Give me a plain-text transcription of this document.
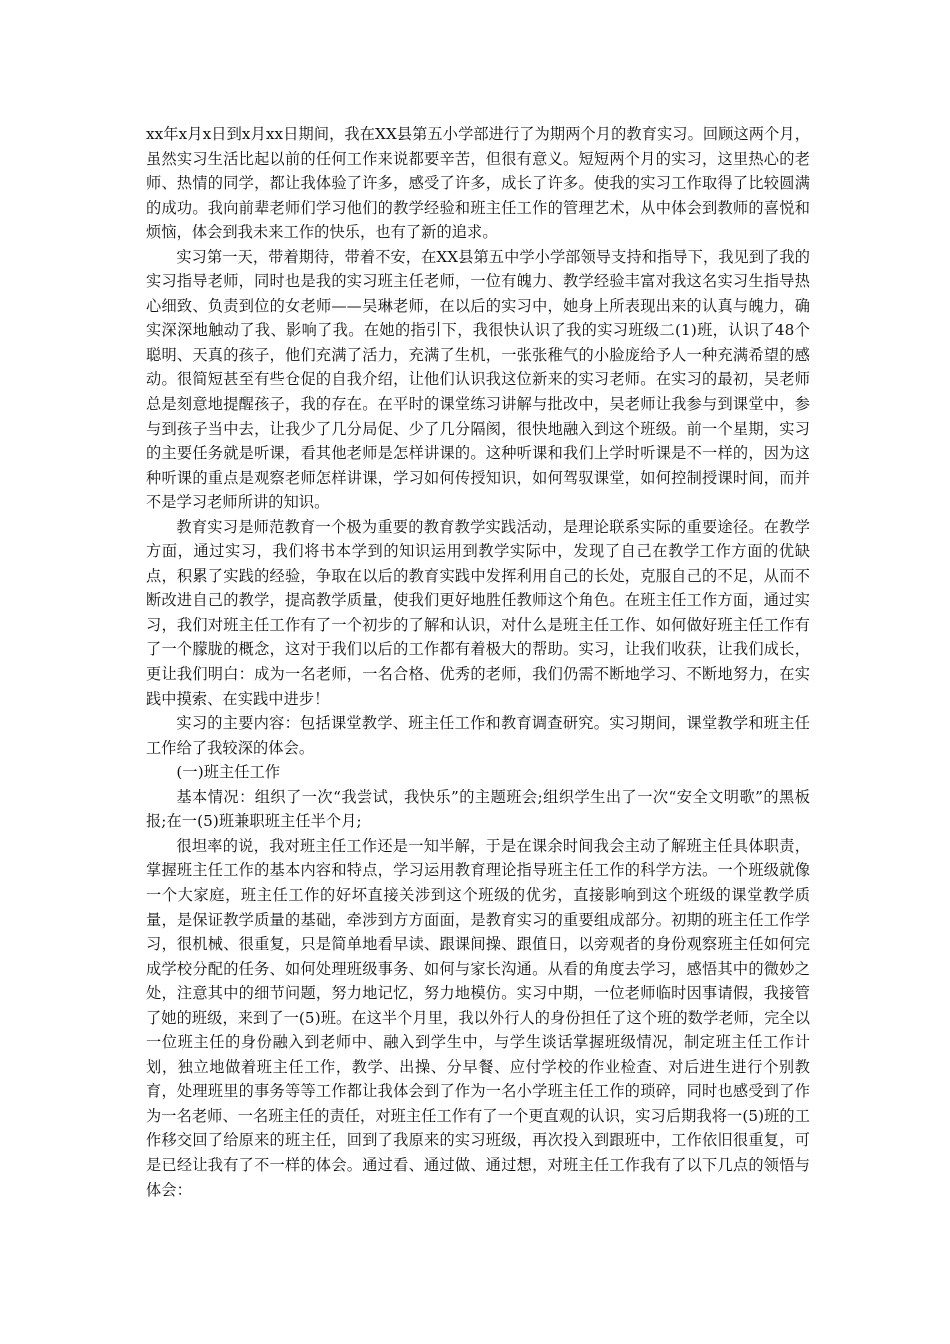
xx年x月x日到x月xx日期间，我在XX县第五小学部进行了为期两个月的教育实习。回顾这两个月，虽然实习生活比起以前的任何工作来说都要辛苦，但很有意义。短短两个月的实习，这里热心的老师、热情的同学，都让我体验了许多，感受了许多，成长了许多。使我的实习工作取得了比较圆满的成功。我向前辈老师们学习他们的教学经验和班主任工作的管理艺术，从中体会到教师的喜悦和烦恼，体会到我未来工作的快乐，也有了新的追求。

实习第一天，带着期待，带着不安，在XX县第五中学小学部领导支持和指导下，我见到了我的实习指导老师，同时也是我的实习班主任老师，一位有魄力、教学经验丰富对我这名实习生指导热心细致、负责到位的女老师——吴琳老师，在以后的实习中，她身上所表现出来的认真与魄力，确实深深地触动了我、影响了我。在她的指引下，我很快认识了我的实习班级二(1)班，认识了48个聪明、天真的孩子，他们充满了活力，充满了生机，一张张稚气的小脸庞给予人一种充满希望的感动。很简短甚至有些仓促的自我介绍，让他们认识我这位新来的实习老师。在实习的最初，吴老师总是刻意地提醒孩子，我的存在。在平时的课堂练习讲解与批改中，吴老师让我参与到课堂中，参与到孩子当中去，让我少了几分局促、少了几分隔阂，很快地融入到这个班级。前一个星期，实习的主要任务就是听课，看其他老师是怎样讲课的。这种听课和我们上学时听课是不一样的，因为这种听课的重点是观察老师怎样讲课，学习如何传授知识，如何驾驭课堂，如何控制授课时间，而并不是学习老师所讲的知识。

教育实习是师范教育一个极为重要的教育教学实践活动，是理论联系实际的重要途径。在教学方面，通过实习，我们将书本学到的知识运用到教学实际中，发现了自己在教学工作方面的优缺点，积累了实践的经验，争取在以后的教育实践中发挥利用自己的长处，克服自己的不足，从而不断改进自己的教学，提高教学质量，使我们更好地胜任教师这个角色。在班主任工作方面，通过实习，我们对班主任工作有了一个初步的了解和认识，对什么是班主任工作、如何做好班主任工作有了一个朦胧的概念，这对于我们以后的工作都有着极大的帮助。实习，让我们收获，让我们成长，更让我们明白：成为一名老师，一名合格、优秀的老师，我们仍需不断地学习、不断地努力，在实践中摸索、在实践中进步！

实习的主要内容：包括课堂教学、班主任工作和教育调查研究。实习期间，课堂教学和班主任工作给了我较深的体会。

(一)班主任工作

基本情况：组织了一次“我尝试，我快乐”的主题班会;组织学生出了一次“安全文明歌”的黑板报;在一(5)班兼职班主任半个月;

很坦率的说，我对班主任工作还是一知半解，于是在课余时间我会主动了解班主任具体职责，掌握班主任工作的基本内容和特点，学习运用教育理论指导班主任工作的科学方法。一个班级就像一个大家庭，班主任工作的好坏直接关涉到这个班级的优劣，直接影响到这个班级的课堂教学质量，是保证教学质量的基础，牵涉到方方面面，是教育实习的重要组成部分。初期的班主任工作学习，很机械、很重复，只是简单地看早读、跟课间操、跟值日，以旁观者的身份观察班主任如何完成学校分配的任务、如何处理班级事务、如何与家长沟通。从看的角度去学习，感悟其中的微妙之处，注意其中的细节问题，努力地记忆，努力地模仿。实习中期，一位老师临时因事请假，我接管了她的班级，来到了一(5)班。在这半个月里，我以外行人的身份担任了这个班的数学老师，完全以一位班主任的身份融入到老师中、融入到学生中，与学生谈话掌握班级情况，制定班主任工作计划，独立地做着班主任工作，教学、出操、分早餐、应付学校的作业检查、对后进生进行个别教育，处理班里的事务等等工作都让我体会到了作为一名小学班主任工作的琐碎，同时也感受到了作为一名老师、一名班主任的责任，对班主任工作有了一个更直观的认识，实习后期我将一(5)班的工作移交回了给原来的班主任，回到了我原来的实习班级，再次投入到跟班中，工作依旧很重复，可是已经让我有了不一样的体会。通过看、通过做、通过想，对班主任工作我有了以下几点的领悟与体会：
